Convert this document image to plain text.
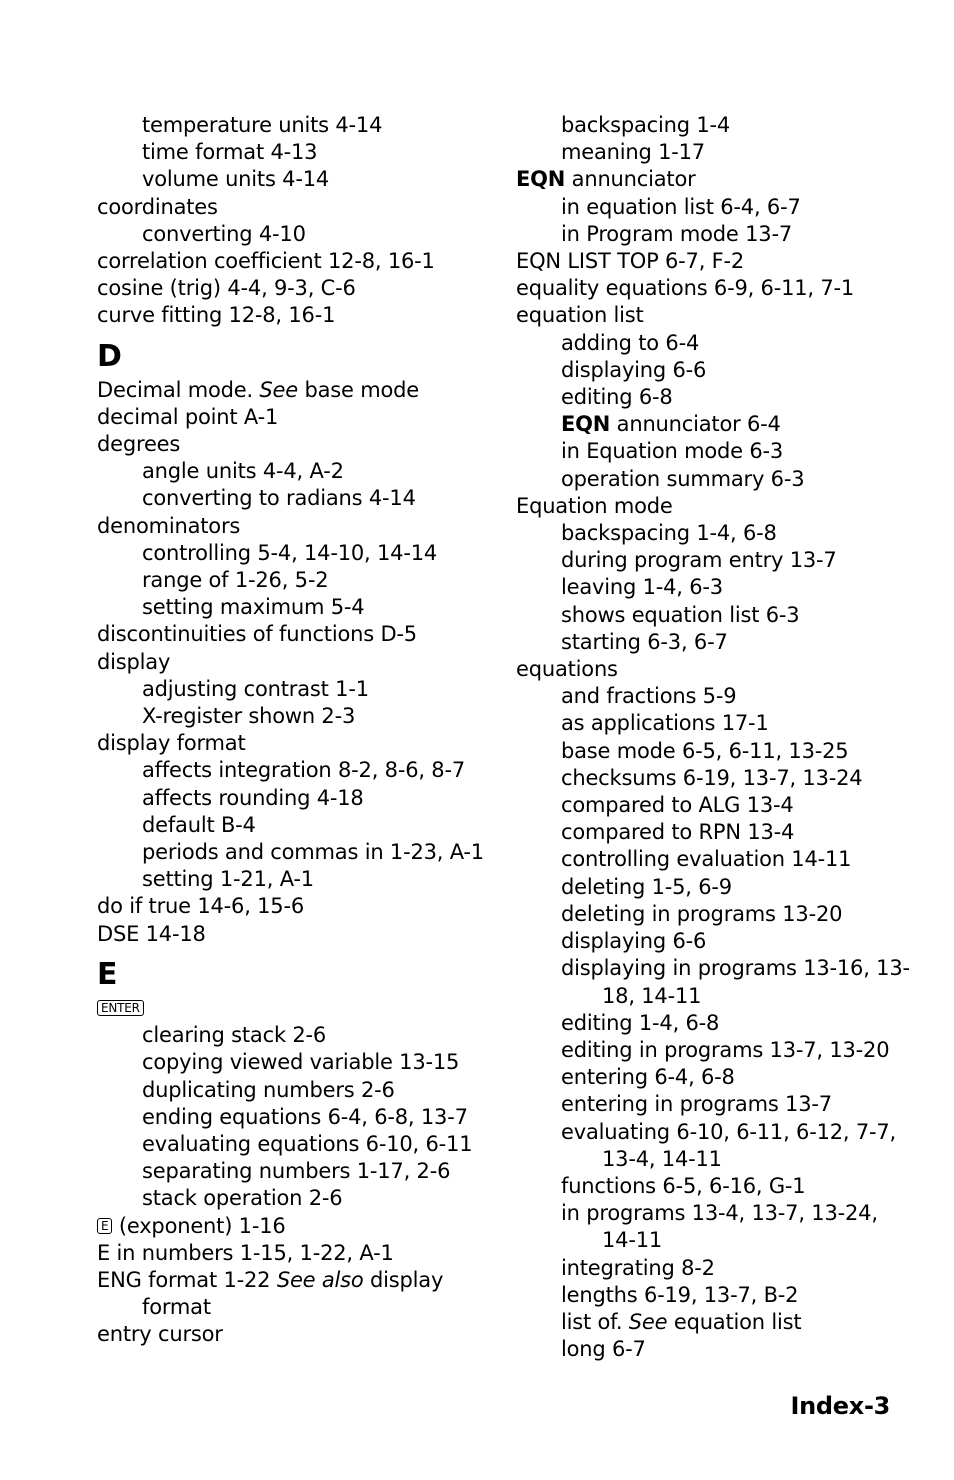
temperature units 4-14
time format 4-13
volume units 4-14
coordinates
converting 4-10
correlation coefficient 12-8, 16-1
cosine (trig) 4-4, 9-3, C-6
curve fitting 12-8, 16-1
D
Decimal mode. See base mode
decimal point A-1
degrees
angle units 4-4, A-2
converting to radians 4-14
denominators
controlling 5-4, 14-10, 14-14
range of 1-26, 5-2
setting maximum 5-4
discontinuities of functions D-5
display
adjusting contrast 1-1
X-register shown 2-3
display format
affects integration 8-2, 8-6, 8-7
affects rounding 4-18
default B-4
periods and commas in 1-23, A-1
setting 1-21, A-1
do if true 14-6, 15-6
DSE 14-18
E
ENTER
clearing stack 2-6
copying viewed variable 13-15
duplicating numbers 2-6
ending equations 6-4, 6-8, 13-7
evaluating equations 6-10, 6-11
separating numbers 1-17, 2-6
stack operation 2-6
E (exponent) 1-16
E in numbers 1-15, 1-22, A-1
ENG format 1-22 See also display
format
entry cursor
backspacing 1-4
meaning 1-17
EQN annunciator
in equation list 6-4, 6-7
in Program mode 13-7
EQN LIST TOP 6-7, F-2
equality equations 6-9, 6-11, 7-1
equation list
adding to 6-4
displaying 6-6
editing 6-8
EQN annunciator 6-4
in Equation mode 6-3
operation summary 6-3
Equation mode
backspacing 1-4, 6-8
during program entry 13-7
leaving 1-4, 6-3
shows equation list 6-3
starting 6-3, 6-7
equations
and fractions 5-9
as applications 17-1
base mode 6-5, 6-11, 13-25
checksums 6-19, 13-7, 13-24
compared to ALG 13-4
compared to RPN 13-4
controlling evaluation 14-11
deleting 1-5, 6-9
deleting in programs 13-20
displaying 6-6
displaying in programs 13-16, 13-
18, 14-11
editing 1-4, 6-8
editing in programs 13-7, 13-20
entering 6-4, 6-8
entering in programs 13-7
evaluating 6-10, 6-11, 6-12, 7-7,
13-4, 14-11
functions 6-5, 6-16, G-1
in programs 13-4, 13-7, 13-24,
14-11
integrating 8-2
lengths 6-19, 13-7, B-2
list of. See equation list
long 6-7
Index-3
